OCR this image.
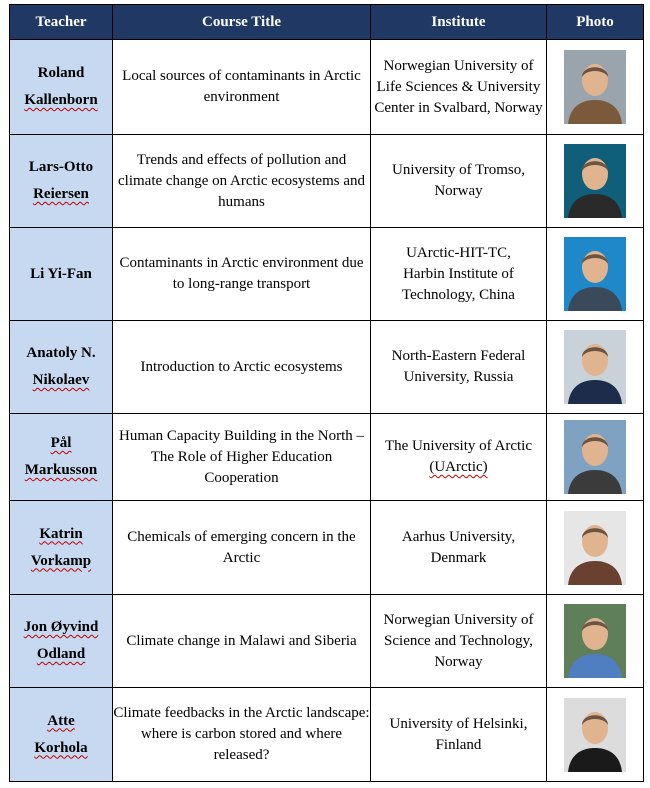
Teacher	Course Title	Institute	Photo
Roland
Kallenborn	Local sources of contaminants in Arctic environment	Norwegian University of Life Sciences & University Center in Svalbard, Norway	

Lars-Otto
Reiersen	Trends and effects of pollution and climate change on Arctic ecosystems and humans	University of Tromso,
Norway	

Li Yi-Fan	Contaminants in Arctic environment due to long-range transport	UArctic-HIT-TC,
Harbin Institute of Technology, China	

Anatoly N.
Nikolaev	Introduction to Arctic ecosystems	North-Eastern Federal University, Russia	

Pål
Markusson	Human Capacity Building in the North – The Role of Higher Education Cooperation	The University of Arctic
(UArctic)	

Katrin
Vorkamp	Chemicals of emerging concern in the Arctic	Aarhus University,
Denmark	

Jon Øyvind
Odland	Climate change in Malawi and Siberia	Norwegian University of Science and Technology, Norway	

Atte
Korhola	Climate feedbacks in the Arctic landscape: where is carbon stored and where released?	University of Helsinki, Finland	
